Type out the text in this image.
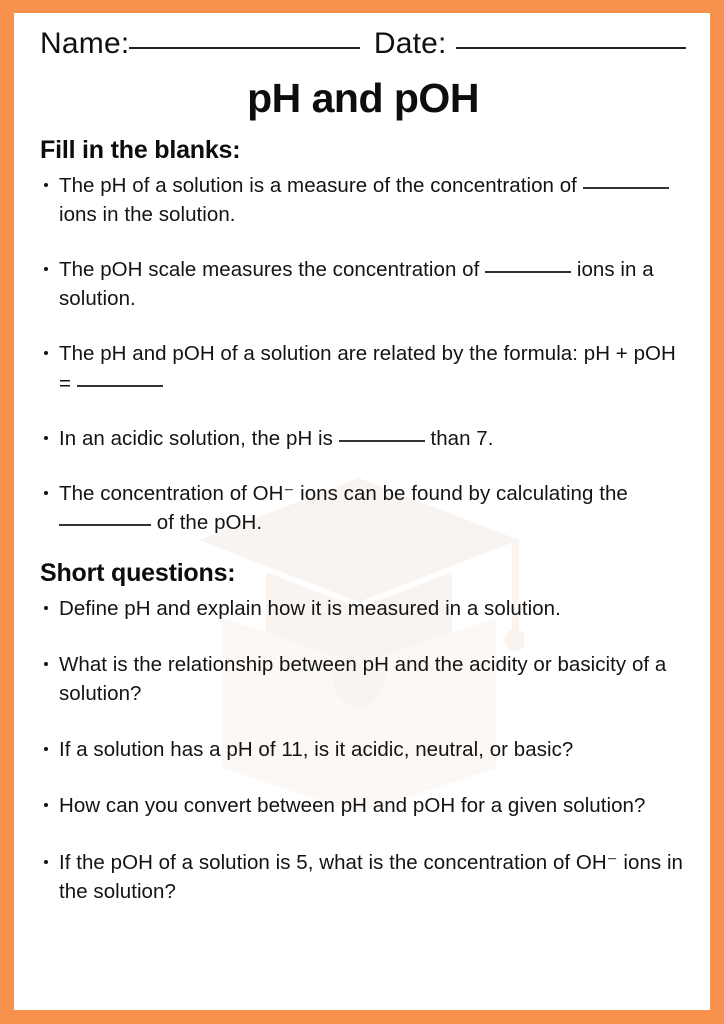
Name:	Date:
pH and pOH
Fill in the blanks:
The pH of a solution is a measure of the concentration of  ions in the solution.
The pOH scale measures the concentration of	ions in a solution.
The pH and pOH of a solution are related by the formula: pH + pOH =
In an acidic solution, the pH is	than 7.
The concentration of OH⁻ ions can be found by calculating the  of the pOH.
Short questions:
Define pH and explain how it is measured in a solution.
What is the relationship between pH and the acidity or basicity of a solution?
If a solution has a pH of 11, is it acidic, neutral, or basic?
How can you convert between pH and pOH for a given solution?
If the pOH of a solution is 5, what is the concentration of OH⁻ ions in the solution?
